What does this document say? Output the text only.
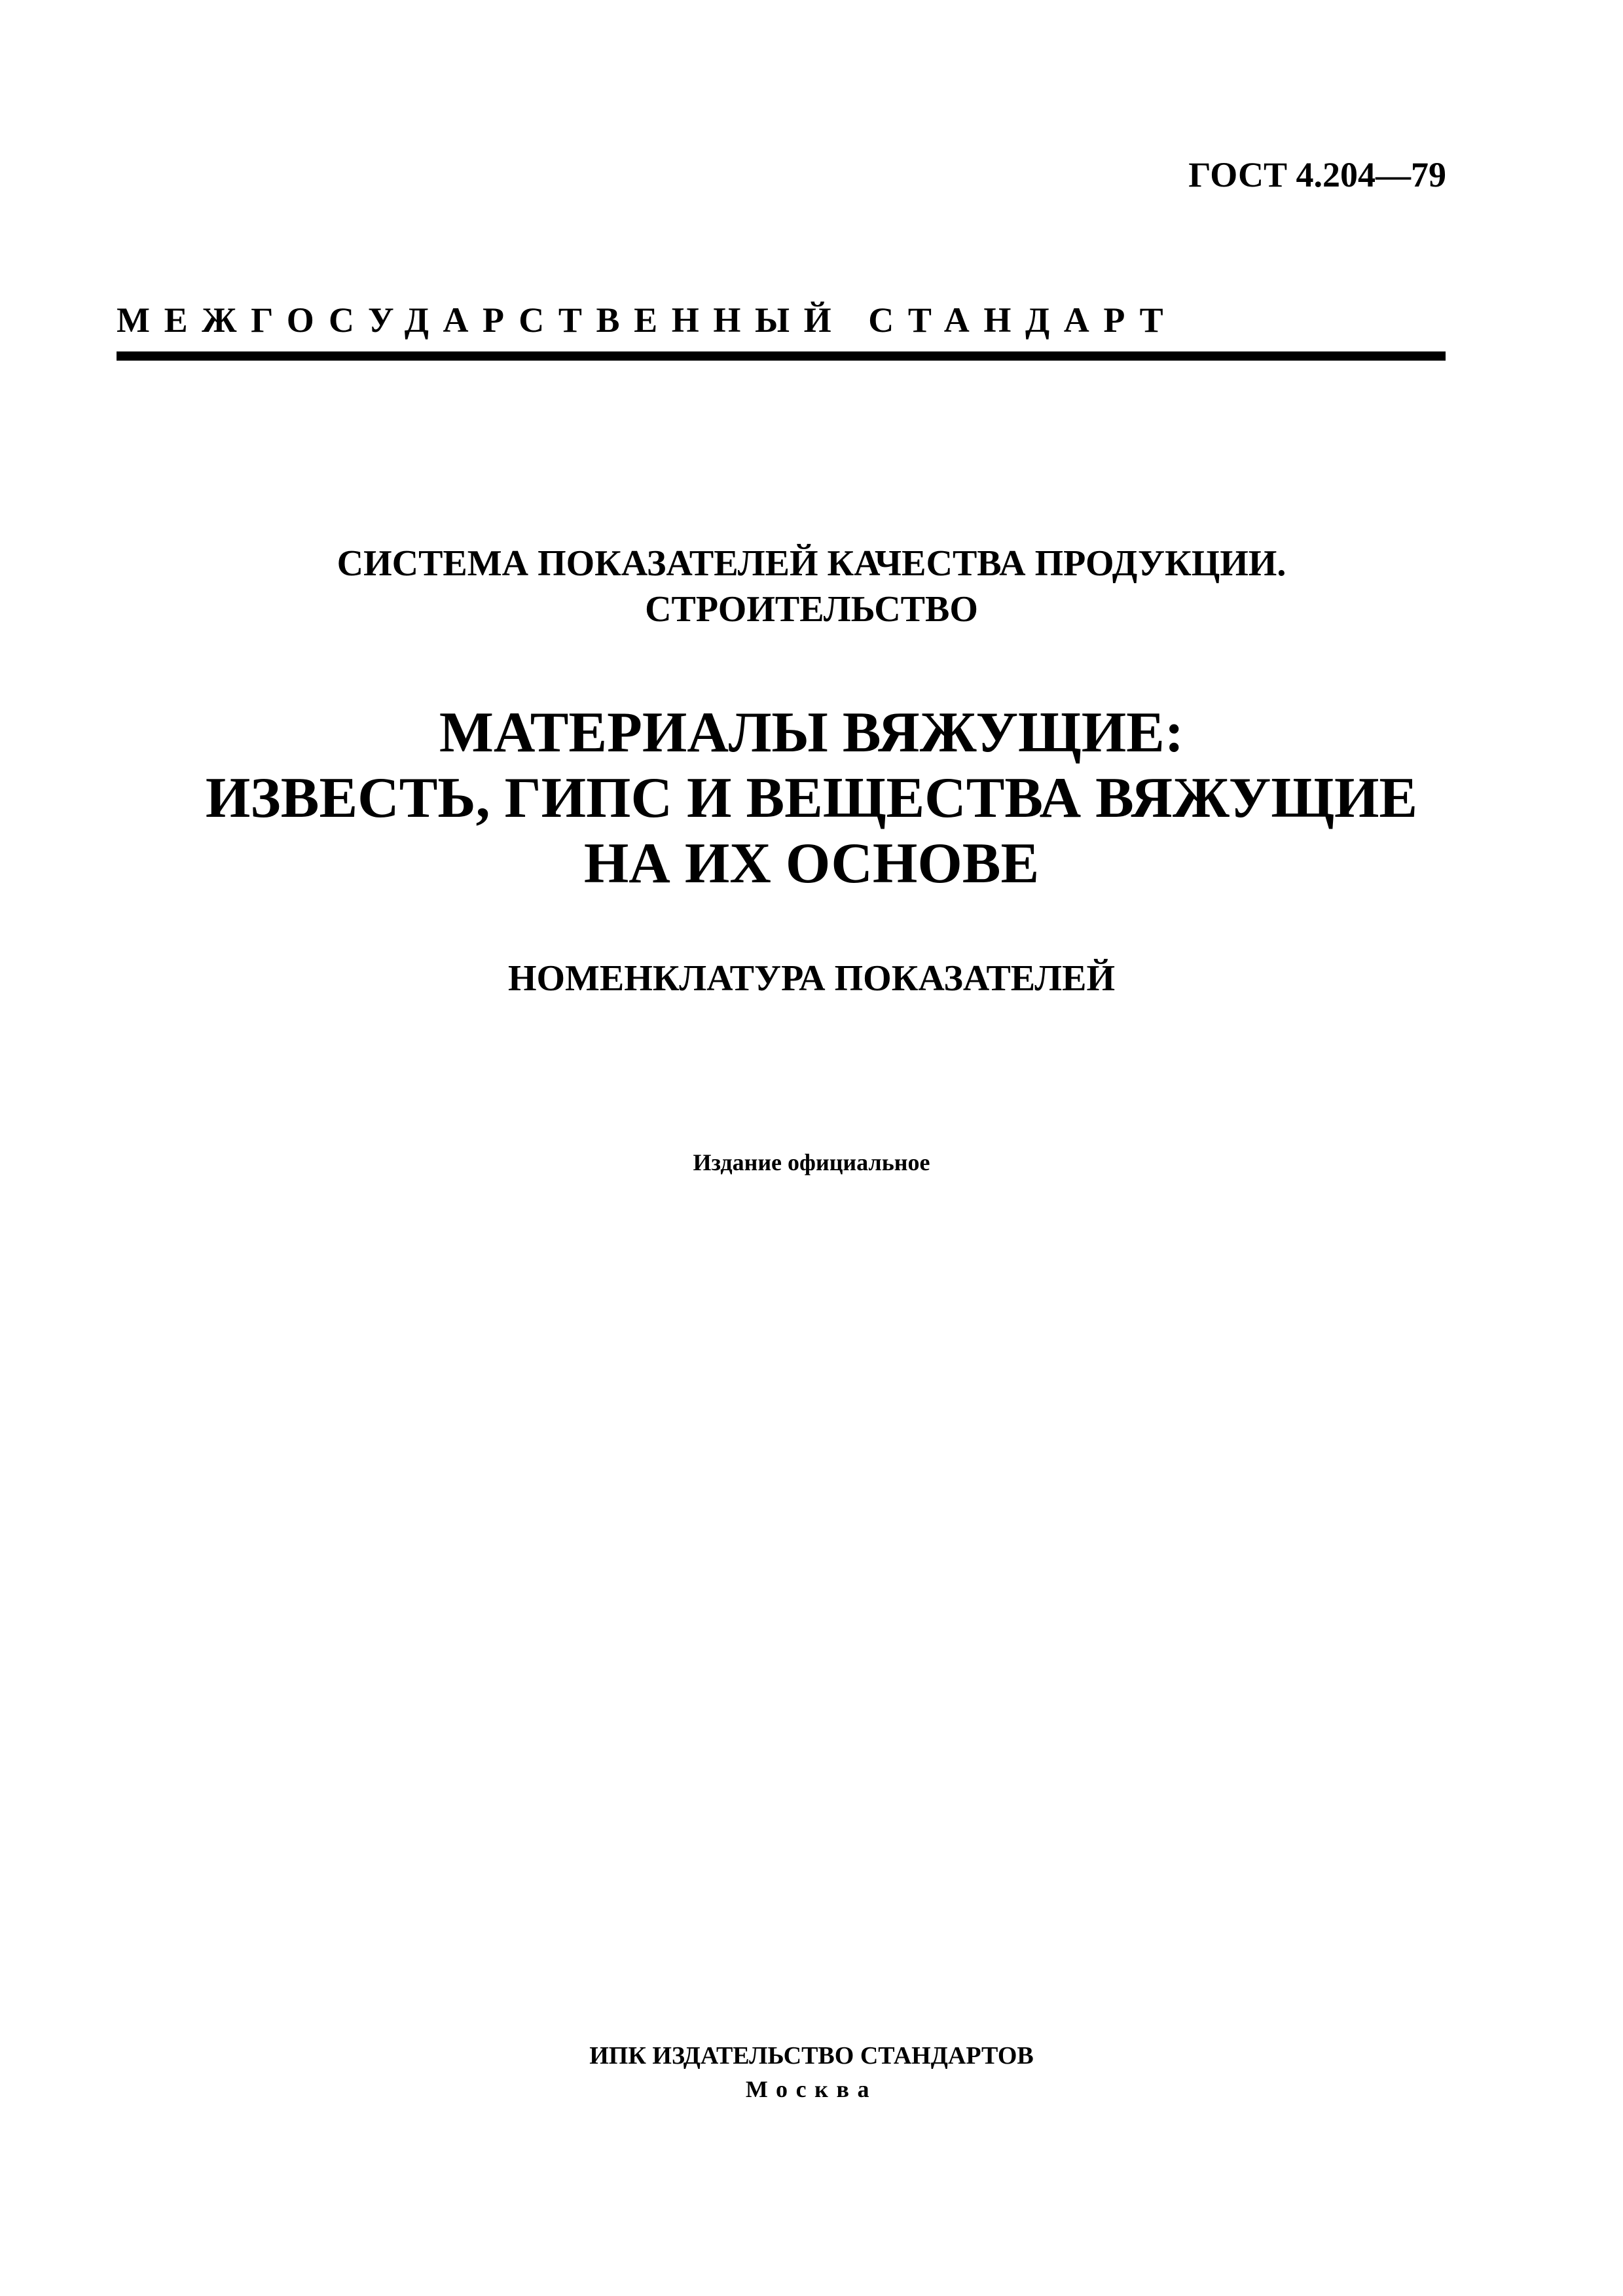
ГОСТ 4.204—79
МЕЖГОСУДАРСТВЕННЫЙ СТАНДАРТ
СИСТЕМА ПОКАЗАТЕЛЕЙ КАЧЕСТВА ПРОДУКЦИИ.
СТРОИТЕЛЬСТВО
МАТЕРИАЛЫ ВЯЖУЩИЕ:
ИЗВЕСТЬ, ГИПС И ВЕЩЕСТВА ВЯЖУЩИЕ
НА ИХ ОСНОВЕ
НОМЕНКЛАТУРА ПОКАЗАТЕЛЕЙ
Издание официальное
ИПК ИЗДАТЕЛЬСТВО СТАНДАРТОВ
Москва
